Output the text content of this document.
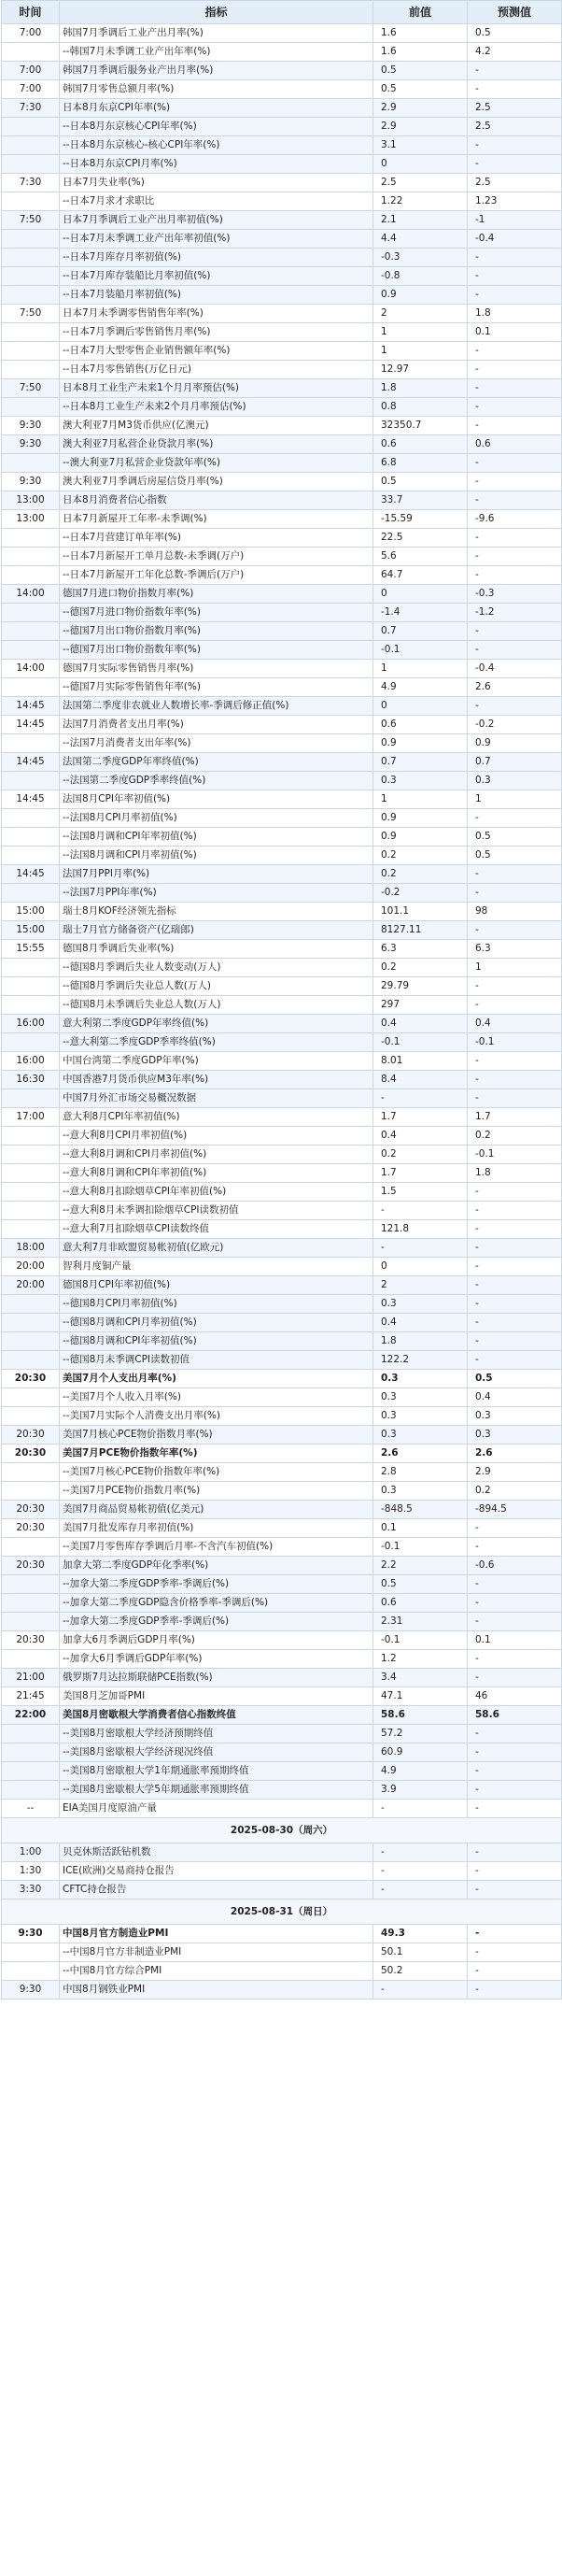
时间	指标	前值	预测值
7:00	韩国7月季调后工业产出月率(%)	1.6	0.5
	--韩国7月未季调工业产出年率(%)	1.6	4.2
7:00	韩国7月季调后服务业产出月率(%)	0.5	-
7:00	韩国7月零售总额月率(%)	0.5	-
7:30	日本8月东京CPI年率(%)	2.9	2.5
	--日本8月东京核心CPI年率(%)	2.9	2.5
	--日本8月东京核心-核心CPI年率(%)	3.1	-
	--日本8月东京CPI月率(%)	0	-
7:30	日本7月失业率(%)	2.5	2.5
	--日本7月求才求职比	1.22	1.23
7:50	日本7月季调后工业产出月率初值(%)	2.1	-1
	--日本7月未季调工业产出年率初值(%)	4.4	-0.4
	--日本7月库存月率初值(%)	-0.3	-
	--日本7月库存装船比月率初值(%)	-0.8	-
	--日本7月装船月率初值(%)	0.9	-
7:50	日本7月未季调零售销售年率(%)	2	1.8
	--日本7月季调后零售销售月率(%)	1	0.1
	--日本7月大型零售企业销售额年率(%)	1	-
	--日本7月零售销售(万亿日元)	12.97	-
7:50	日本8月工业生产未来1个月月率预估(%)	1.8	-
	--日本8月工业生产未来2个月月率预估(%)	0.8	-
9:30	澳大利亚7月M3货币供应(亿澳元)	32350.7	-
9:30	澳大利亚7月私营企业贷款月率(%)	0.6	0.6
	--澳大利亚7月私营企业贷款年率(%)	6.8	-
9:30	澳大利亚7月季调后房屋信贷月率(%)	0.5	-
13:00	日本8月消费者信心指数	33.7	-
13:00	日本7月新屋开工年率-未季调(%)	-15.59	-9.6
	--日本7月营建订单年率(%)	22.5	-
	--日本7月新屋开工单月总数-未季调(万户)	5.6	-
	--日本7月新屋开工年化总数-季调后(万户)	64.7	-
14:00	德国7月进口物价指数月率(%)	0	-0.3
	--德国7月进口物价指数年率(%)	-1.4	-1.2
	--德国7月出口物价指数月率(%)	0.7	-
	--德国7月出口物价指数年率(%)	-0.1	-
14:00	德国7月实际零售销售月率(%)	1	-0.4
	--德国7月实际零售销售年率(%)	4.9	2.6
14:45	法国第二季度非农就业人数增长率-季调后修正值(%)	0	-
14:45	法国7月消费者支出月率(%)	0.6	-0.2
	--法国7月消费者支出年率(%)	0.9	0.9
14:45	法国第二季度GDP年率终值(%)	0.7	0.7
	--法国第二季度GDP季率终值(%)	0.3	0.3
14:45	法国8月CPI年率初值(%)	1	1
	--法国8月CPI月率初值(%)	0.9	-
	--法国8月调和CPI年率初值(%)	0.9	0.5
	--法国8月调和CPI月率初值(%)	0.2	0.5
14:45	法国7月PPI月率(%)	0.2	-
	--法国7月PPI年率(%)	-0.2	-
15:00	瑞士8月KOF经济领先指标	101.1	98
15:00	瑞士7月官方储备资产(亿瑞郎)	8127.11	-
15:55	德国8月季调后失业率(%)	6.3	6.3
	--德国8月季调后失业人数变动(万人)	0.2	1
	--德国8月季调后失业总人数(万人)	29.79	-
	--德国8月未季调后失业总人数(万人)	297	-
16:00	意大利第二季度GDP年率终值(%)	0.4	0.4
	--意大利第二季度GDP季率终值(%)	-0.1	-0.1
16:00	中国台湾第二季度GDP年率(%)	8.01	-
16:30	中国香港7月货币供应M3年率(%)	8.4	-
	中国7月外汇市场交易概况数据	-	-
17:00	意大利8月CPI年率初值(%)	1.7	1.7
	--意大利8月CPI月率初值(%)	0.4	0.2
	--意大利8月调和CPI月率初值(%)	0.2	-0.1
	--意大利8月调和CPI年率初值(%)	1.7	1.8
	--意大利8月扣除烟草CPI年率初值(%)	1.5	-
	--意大利8月未季调扣除烟草CPI读数初值	-	-
	--意大利7月扣除烟草CPI读数终值	121.8	-
18:00	意大利7月非欧盟贸易帐初值(亿欧元)	-	-
20:00	智利月度铜产量	0	-
20:00	德国8月CPI年率初值(%)	2	-
	--德国8月CPI月率初值(%)	0.3	-
	--德国8月调和CPI月率初值(%)	0.4	-
	--德国8月调和CPI年率初值(%)	1.8	-
	--德国8月未季调CPI读数初值	122.2	-
20:30	美国7月个人支出月率(%)	0.3	0.5
	--美国7月个人收入月率(%)	0.3	0.4
	--美国7月实际个人消费支出月率(%)	0.3	0.3
20:30	美国7月核心PCE物价指数月率(%)	0.3	0.3
20:30	美国7月PCE物价指数年率(%)	2.6	2.6
	--美国7月核心PCE物价指数年率(%)	2.8	2.9
	--美国7月PCE物价指数月率(%)	0.3	0.2
20:30	美国7月商品贸易帐初值(亿美元)	-848.5	-894.5
20:30	美国7月批发库存月率初值(%)	0.1	-
	--美国7月零售库存季调后月率-不含汽车初值(%)	-0.1	-
20:30	加拿大第二季度GDP年化季率(%)	2.2	-0.6
	--加拿大第二季度GDP季率-季调后(%)	0.5	-
	--加拿大第二季度GDP隐含价格季率-季调后(%)	0.6	-
	--加拿大第二季度GDP季率-季调后(%)	2.31	-
20:30	加拿大6月季调后GDP月率(%)	-0.1	0.1
	--加拿大6月季调后GDP年率(%)	1.2	-
21:00	俄罗斯7月达拉斯联储PCE指数(%)	3.4	-
21:45	美国8月芝加哥PMI	47.1	46
22:00	美国8月密歇根大学消费者信心指数终值	58.6	58.6
	--美国8月密歇根大学经济预期终值	57.2	-
	--美国8月密歇根大学经济现况终值	60.9	-
	--美国8月密歇根大学1年期通胀率预期终值	4.9	-
	--美国8月密歇根大学5年期通胀率预期终值	3.9	-
--	EIA美国月度原油产量	-	-
2025-08-30（周六）			
1:00	贝克休斯活跃钻机数	-	-
1:30	ICE(欧洲)交易商持仓报告	-	-
3:30	CFTC持仓报告	-	-
2025-08-31（周日）			
9:30	中国8月官方制造业PMI	49.3	-
	--中国8月官方非制造业PMI	50.1	-
	--中国8月官方综合PMI	50.2	-
9:30	中国8月钢铁业PMI	-	-
